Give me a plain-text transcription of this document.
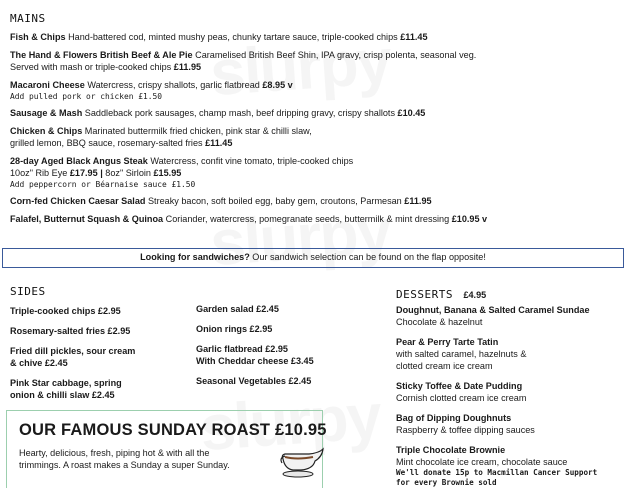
MAINS
Fish & Chips Hand-battered cod, minted mushy peas, chunky tartare sauce, triple-cooked chips £11.45
The Hand & Flowers British Beef & Ale Pie Caramelised British Beef Shin, IPA gravy, crisp polenta, seasonal veg.
Served with mash or triple-cooked chips £11.95
Macaroni Cheese Watercress, crispy shallots, garlic flatbread £8.95 v
Add pulled pork or chicken £1.50
Sausage & Mash Saddleback pork sausages, champ mash, beef dripping gravy, crispy shallots £10.45
Chicken & Chips Marinated buttermilk fried chicken, pink star & chilli slaw,
grilled lemon, BBQ sauce, rosemary-salted fries £11.45
28-day Aged Black Angus Steak Watercress, confit vine tomato, triple-cooked chips
10oz" Rib Eye £17.95 | 8oz" Sirloin £15.95
Add peppercorn or Béarnaise sauce £1.50
Corn-fed Chicken Caesar Salad Streaky bacon, soft boiled egg, baby gem, croutons, Parmesan £11.95
Falafel, Butternut Squash & Quinoa Coriander, watercress, pomegranate seeds, buttermilk & mint dressing £10.95 v
Looking for sandwiches? Our sandwich selection can be found on the flap opposite!
SIDES
Triple-cooked chips £2.95
Rosemary-salted fries £2.95
Fried dill pickles, sour cream
& chive £2.45
Pink Star cabbage, spring
onion & chilli slaw £2.45
Garden salad £2.45
Onion rings £2.95
Garlic flatbread £2.95
With Cheddar cheese £3.45
Seasonal Vegetables £2.45
DESSERTS £4.95
Doughnut, Banana & Salted Caramel Sundae
Chocolate & hazelnut
Pear & Perry Tarte Tatin
with salted caramel, hazelnuts &
clotted cream ice cream
Sticky Toffee & Date Pudding
Cornish clotted cream ice cream
Bag of Dipping Doughnuts
Raspberry & toffee dipping sauces
Triple Chocolate Brownie
Mint chocolate ice cream, chocolate sauce
We'll donate 15p to Macmillan Cancer Support
for every Brownie sold
OUR FAMOUS SUNDAY ROAST £10.95
Hearty, delicious, fresh, piping hot & with all the
trimmings. A roast makes a Sunday a super Sunday.
